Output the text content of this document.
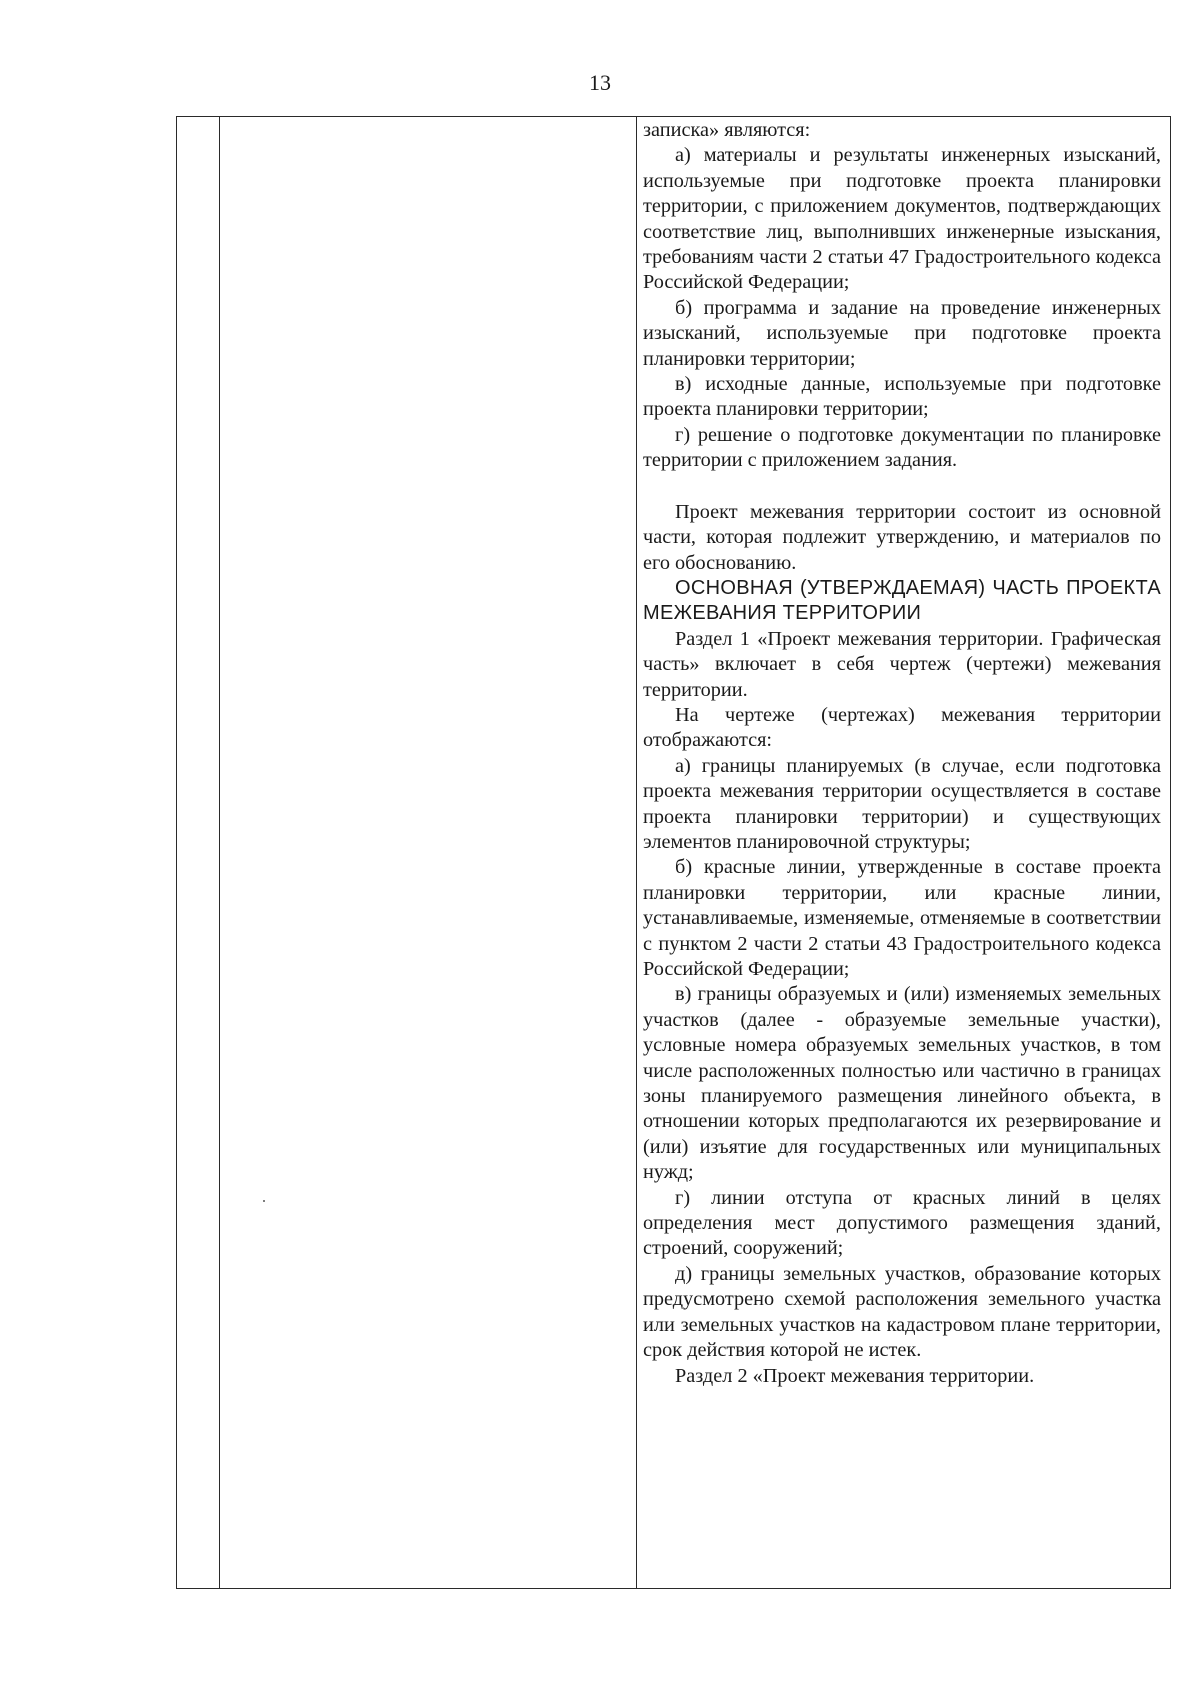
13

записка» являются:

а) материалы и результаты инженерных изысканий, используемые при подготовке проекта планировки территории, с приложением документов, подтверждающих соответствие лиц, выполнивших инженерные изыскания, требованиям части 2 статьи 47 Градостроительного кодекса Российской Федерации;

б) программа и задание на проведение инженерных изысканий, используемые при подготовке проекта планировки территории;

в) исходные данные, используемые при подготовке проекта планировки территории;

г) решение о подготовке документации по планировке территории с приложением задания.

Проект межевания территории состоит из основной части, которая подлежит утверждению, и материалов по его обоснованию.

ОСНОВНАЯ (УТВЕРЖДАЕМАЯ) ЧАСТЬ ПРОЕКТА МЕЖЕВАНИЯ ТЕРРИТОРИИ

Раздел 1 «Проект межевания территории. Графическая часть» включает в себя чертеж (чертежи) межевания территории.

На чертеже (чертежах) межевания территории отображаются:

а) границы планируемых (в случае, если подготовка проекта межевания территории осуществляется в составе проекта планировки территории) и существующих элементов планировочной структуры;

б) красные линии, утвержденные в составе проекта планировки территории, или красные линии, устанавливаемые, изменяемые, отменяемые в соответствии с пунктом 2 части 2 статьи 43 Градостроительного кодекса Российской Федерации;

в) границы образуемых и (или) изменяемых земельных участков (далее - образуемые земельные участки), условные номера образуемых земельных участков, в том числе расположенных полностью или частично в границах зоны планируемого размещения линейного объекта, в отношении которых предполагаются их резервирование и (или) изъятие для государственных или муниципальных нужд;

г) линии отступа от красных линий в целях определения мест допустимого размещения зданий, строений, сооружений;

д) границы земельных участков, образование которых предусмотрено схемой расположения земельного участка или земельных участков на кадастровом плане территории, срок действия которой не истек.

Раздел 2 «Проект межевания территории.
